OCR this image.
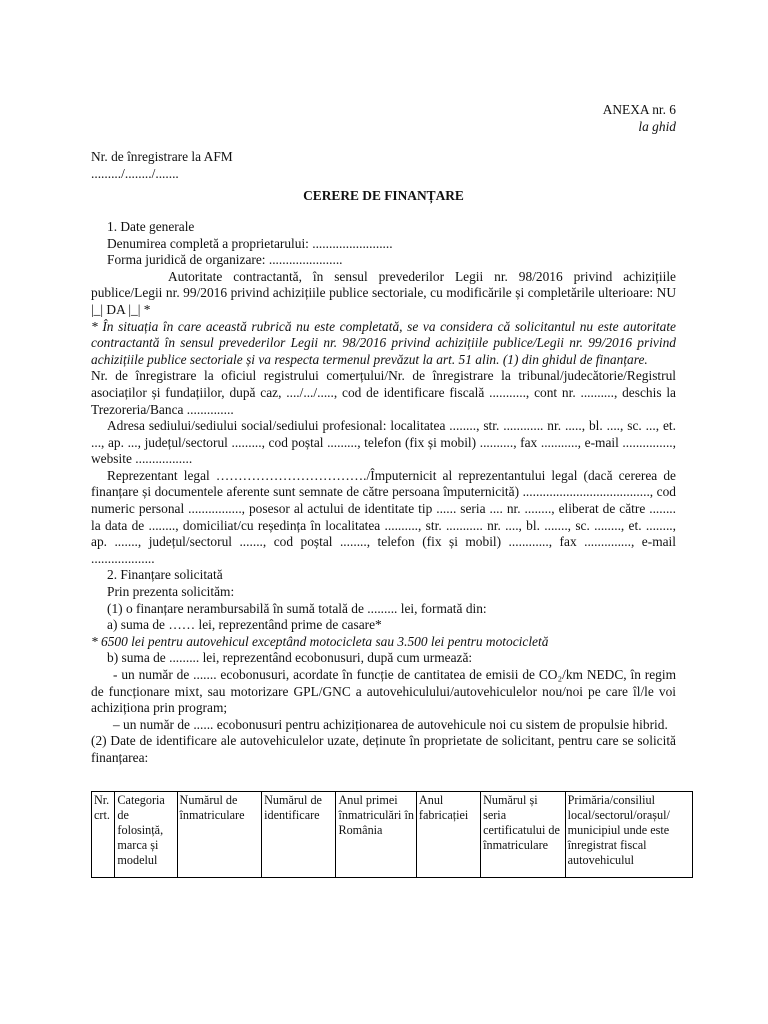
ANEXA nr. 6

la ghid

Nr. de înregistrare la AFM

........./......../.......

CERERE DE FINANȚARE

1. Date generale

Denumirea completă a proprietarului: ........................

Forma juridică de organizare: ......................

Autoritate contractantă, în sensul prevederilor Legii nr. 98/2016 privind achizițiile publice/Legii nr. 99/2016 privind achizițiile publice sectoriale, cu modificările și completările ulterioare: NU |_| DA |_| *

* În situația în care această rubrică nu este completată, se va considera că solicitantul nu este autoritate contractantă în sensul prevederilor Legii nr. 98/2016 privind achizițiile publice/Legii nr. 99/2016 privind achizițiile publice sectoriale și va respecta termenul prevăzut la art. 51 alin. (1) din ghidul de finanțare.

Nr. de înregistrare la oficiul registrului comerțului/Nr. de înregistrare la tribunal/judecătorie/Registrul asociaților și fundațiilor, după caz, ..../.../....., cod de identificare fiscală ..........., cont nr. .........., deschis la Trezoreria/Banca ..............

Adresa sediului/sediului social/sediului profesional: localitatea ........, str. ............ nr. ....., bl. ...., sc. ..., et. ..., ap. ..., județul/sectorul ........., cod poștal ........., telefon (fix și mobil) .........., fax ..........., e-mail ..............., website .................

Reprezentant legal ……………………………./Împuternicit al reprezentantului legal (dacă cererea de finanțare și documentele aferente sunt semnate de către persoana împuternicită) ......................................, cod numeric personal ................, posesor al actului de identitate tip ...... seria .... nr. ........, eliberat de către ........ la data de ........, domiciliat/cu reședința în localitatea .........., str. ........... nr. ...., bl. ......., sc. ........, et. ........, ap. ......., județul/sectorul ......., cod poștal ........, telefon (fix și mobil) ............, fax .............., e-mail ...................

2. Finanțare solicitată

Prin prezenta solicităm:

(1) o finanțare nerambursabilă în sumă totală de ......... lei, formată din:

a) suma de …… lei, reprezentând prime de casare*

* 6500 lei pentru autovehicul exceptând motocicleta sau 3.500 lei pentru motocicletă

b) suma de ......... lei, reprezentând ecobonusuri, după cum urmează:

- un număr de ....... ecobonusuri, acordate în funcție de cantitatea de emisii de CO₂/km NEDC, în regim de funcționare mixt, sau motorizare GPL/GNC a autovehiculului/autovehiculelor nou/noi pe care îl/le voi achiziționa prin program;

– un număr de ...... ecobonusuri pentru achiziționarea de autovehicule noi cu sistem de propulsie hibrid.

(2) Date de identificare ale autovehiculelor uzate, deținute în proprietate de solicitant, pentru care se solicită finanțarea:

Nr. crt.	Categoria de folosință, marca și modelul	Numărul de înmatriculare	Numărul de identificare	Anul primei înmatriculări în România	Anul fabricației	Numărul și seria certificatului de înmatriculare	Primăria/consiliul local/sectorul/orașul/ municipiul unde este înregistrat fiscal autovehiculul
